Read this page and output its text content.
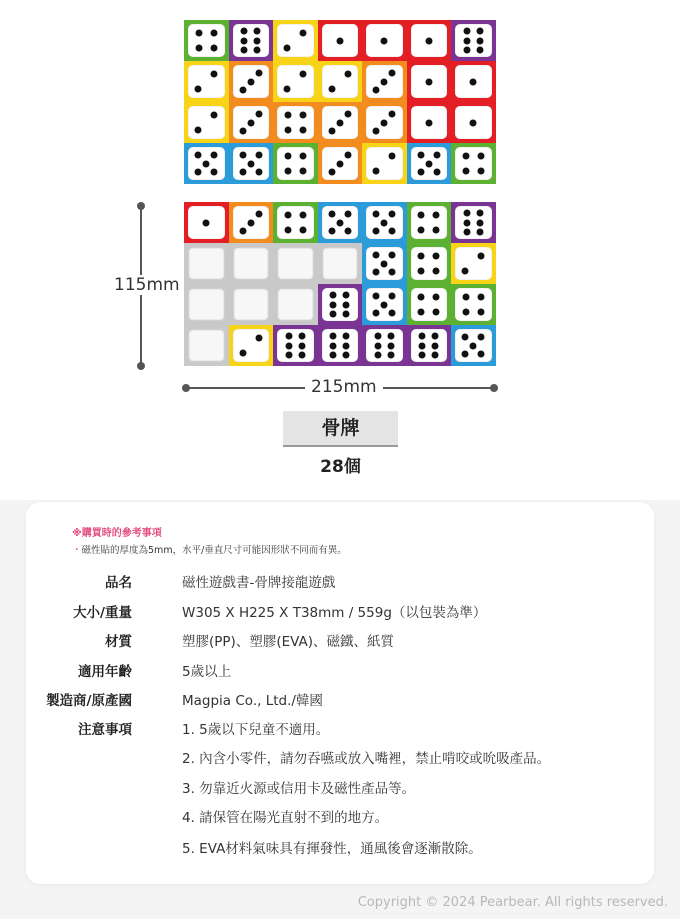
115mm
215mm
骨牌
28個
※購買時的參考事項
・磁性貼的厚度為5mm，水平/垂直尺寸可能因形狀不同而有異。
品名	磁性遊戲書-骨牌接龍遊戲
大小/重量	W305 X H225 X T38mm / 559g（以包裝為準）
材質	塑膠(PP)、塑膠(EVA)、磁鐵、紙質
適用年齡	5歲以上
製造商/原產國	Magpia Co., Ltd./韓國
注意事項	1. 5歲以下兒童不適用。
2. 內含小零件，請勿吞嚥或放入嘴裡，禁止啃咬或吮吸產品。
3. 勿靠近火源或信用卡及磁性產品等。
4. 請保管在陽光直射不到的地方。
5. EVA材料氣味具有揮發性，通風後會逐漸散除。
Copyright © 2024 Pearbear. All rights reserved.
